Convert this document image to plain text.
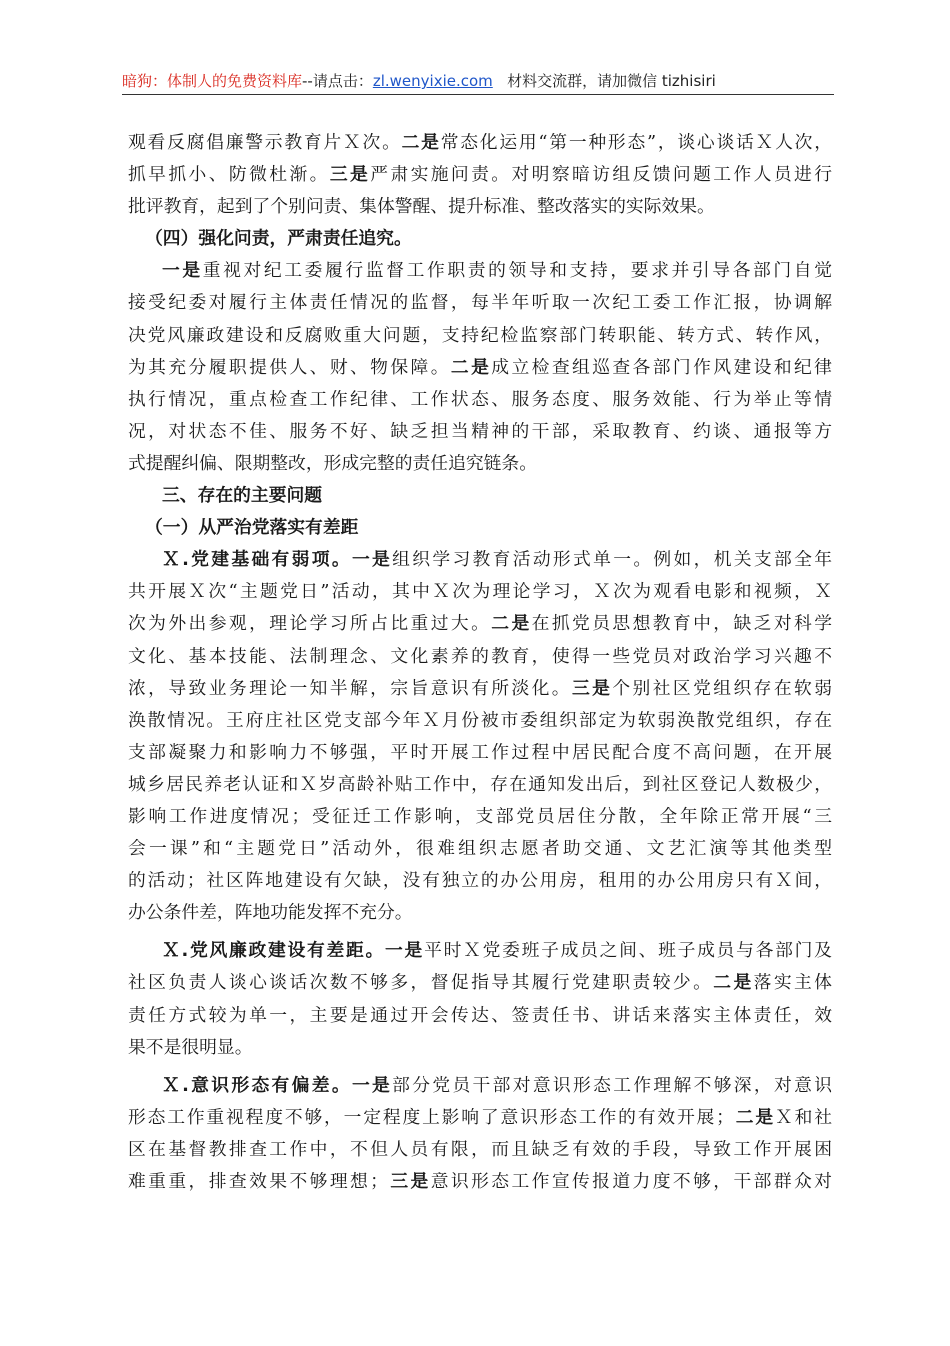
暗狗：体制人的免费资料库--请点击：zl.wenyixie.com 材料交流群，请加微信 tizhisiri
观看反腐倡廉警示教育片Ｘ次。二是常态化运用“第一种形态”，谈心谈话Ｘ人次，
抓早抓小、防微杜渐。三是严肃实施问责。对明察暗访组反馈问题工作人员进行
批评教育，起到了个别问责、集体警醒、提升标准、整改落实的实际效果。
（四）强化问责，严肃责任追究。
一是重视对纪工委履行监督工作职责的领导和支持，要求并引导各部门自觉
接受纪委对履行主体责任情况的监督，每半年听取一次纪工委工作汇报，协调解
决党风廉政建设和反腐败重大问题，支持纪检监察部门转职能、转方式、转作风，
为其充分履职提供人、财、物保障。二是成立检查组巡查各部门作风建设和纪律
执行情况，重点检查工作纪律、工作状态、服务态度、服务效能、行为举止等情
况，对状态不佳、服务不好、缺乏担当精神的干部，采取教育、约谈、通报等方
式提醒纠偏、限期整改，形成完整的责任追究链条。
三、存在的主要问题
（一）从严治党落实有差距
Ｘ.党建基础有弱项。一是组织学习教育活动形式单一。例如，机关支部全年
共开展Ｘ次“主题党日”活动，其中Ｘ次为理论学习，Ｘ次为观看电影和视频，Ｘ
次为外出参观，理论学习所占比重过大。二是在抓党员思想教育中，缺乏对科学
文化、基本技能、法制理念、文化素养的教育，使得一些党员对政治学习兴趣不
浓，导致业务理论一知半解，宗旨意识有所淡化。三是个别社区党组织存在软弱
涣散情况。王府庄社区党支部今年Ｘ月份被市委组织部定为软弱涣散党组织，存在
支部凝聚力和影响力不够强，平时开展工作过程中居民配合度不高问题，在开展
城乡居民养老认证和Ｘ岁高龄补贴工作中，存在通知发出后，到社区登记人数极少，
影响工作进度情况；受征迁工作影响，支部党员居住分散，全年除正常开展“三
会一课”和“主题党日”活动外，很难组织志愿者助交通、文艺汇演等其他类型
的活动；社区阵地建设有欠缺，没有独立的办公用房，租用的办公用房只有Ｘ间，
办公条件差，阵地功能发挥不充分。
Ｘ.党风廉政建设有差距。一是平时Ｘ党委班子成员之间、班子成员与各部门及
社区负责人谈心谈话次数不够多，督促指导其履行党建职责较少。二是落实主体
责任方式较为单一，主要是通过开会传达、签责任书、讲话来落实主体责任，效
果不是很明显。
Ｘ.意识形态有偏差。一是部分党员干部对意识形态工作理解不够深，对意识
形态工作重视程度不够，一定程度上影响了意识形态工作的有效开展；二是Ｘ和社
区在基督教排查工作中，不但人员有限，而且缺乏有效的手段，导致工作开展困
难重重，排查效果不够理想；三是意识形态工作宣传报道力度不够，干部群众对
